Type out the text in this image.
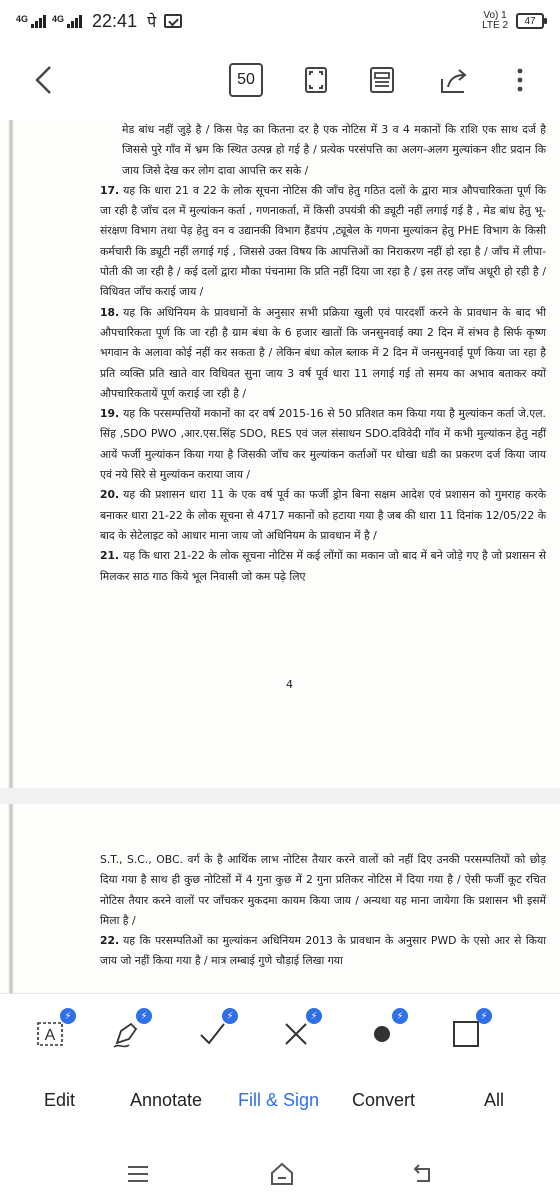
4G	4G 22:41 पे	Vo) 1
LTE 2 47
50
मेड बांध नहीं जुड़े है / किस पेड़ का कितना दर है एक नोटिस में 3 व 4 मकानों कि राशि एक साथ दर्ज है जिससे पुरे गाँव में भ्रम कि स्थित उत्पन्न हो गई है / प्रत्येक परसंपत्ति का अलग-अलग मुल्यांकन शीट प्रदान कि जाय जिसे देख कर लोग दावा आपत्ति कर सके /
17. यह कि धारा 21 व 22 के लोक सूचना नोटिस की जाँच हेतु गठित दलों के द्वारा मात्र औपचारिकता पूर्ण कि जा रही है जाँच दल में मुल्यांकन कर्ता , गणनाकर्ता, में किसी उपयंत्री की ड्यूटी नहीं लगाई गई है , मेड बांध हेतु भू-संरक्षण विभाग तथा पेड़ हेतु वन व उद्यानकी विभाग हैंडपंप ,ट्यूबेल के गणना मुल्यांकन हेतु PHE विभाग के किसी कर्मचारी कि ड्यूटी नहीं लगाई गई , जिससे उक्त विषय कि आपत्तिओं का निराकरण नहीं हो रहा है / जाँच में लीपा-पोती की जा रही है / कई दलों द्वारा मौका पंचनामा कि प्रति नहीं दिया जा रहा है / इस तरह जाँच अधूरी हो रही है / विधिवत जाँच कराई जाय /
18. यह कि अधिनियम के प्रावधानों के अनुसार सभी प्रक्रिया खुली एवं पारदर्शी करने के प्रावधान के बाद भी औपचारिकता पूर्ण कि जा रही है ग्राम बंधा के 6 हजार खातों कि जनसुनवाई क्या 2 दिन में संभव है सिर्फ कृष्ण भगवान के अलावा कोई नहीं कर सकता है / लेकिन बंधा कोल ब्लाक में 2 दिन में जनसुनवाई पूर्ण किया जा रहा है प्रति व्यक्ति प्रति खाते वार विधिवत सुना जाय 3 वर्ष पूर्व धारा 11 लगाई गई तो समय का अभाव बताकर क्यों औपचारिकतायें पूर्ण कराई जा रही है /
19. यह कि परसम्पत्तियों मकानों का दर वर्ष 2015-16 से 50 प्रतिशत कम किया गया है मुल्यांकन कर्ता जे.एल. सिंह ,SDO PWO ,आर.एस.सिंह SDO, RES एवं जल संसाधन SDO.दविवेदी गाँव में कभी मुल्यांकन हेतु नहीं आयें फर्जी मुल्यांकन किया गया है जिसकी जाँच कर मुल्यांकन कर्ताओं पर धोखा धडी का प्रकरण दर्ज किया जाय एवं नये सिरे से मुल्यांकन कराया जाय /
20. यह की प्रशासन धारा 11 के एक वर्ष पूर्व का फर्जी ड्रोन बिना सक्षम आदेश एवं प्रशासन को गुमराह करके बनाकर धारा 21-22 के लोक सूचना से 4717 मकानों को हटाया गया है जब की धारा 11 दिनांक 12/05/22 के बाद के सेटेलाइट को आधार माना जाय जो अधिनियम के प्रावधान में है /
21. यह कि धारा 21-22 के लोक सूचना नोटिस में कई लोंगों का मकान जो बाद में बने जोड़े गए है जो प्रशासन से मिलकर साठ गाठ किये भूल निवासी जो कम पढ़े लिए
4
S.T., S.C., OBC. वर्ग के है आर्थिक लाभ नोटिस तैयार करने वालों को नहीं दिए उनकी परसम्पतियों को छोड़ दिया गया है साथ ही कुछ नोटिसों में 4 गुना कुछ में 2 गुना प्रतिकर नोटिस में दिया गया है / ऐसी फर्जी कूट रचित नोटिस तैयार करने वालों पर जाँचकर मुकदमा कायम किया जाय / अन्यथा यह माना जायेगा कि प्रशासन भी इसमें मिला है /
22. यह कि परसम्पतिओं का मुल्यांकन अधिनियम 2013 के प्रावधान के अनुसार PWD के एसो आर से किया जाय जो नहीं किया गया है / मात्र लम्बाई गुणे चौड़ाई लिखा गया
A
⚡	⚡	⚡	⚡	⚡	⚡
Edit	Annotate Fill & Sign Convert	All
